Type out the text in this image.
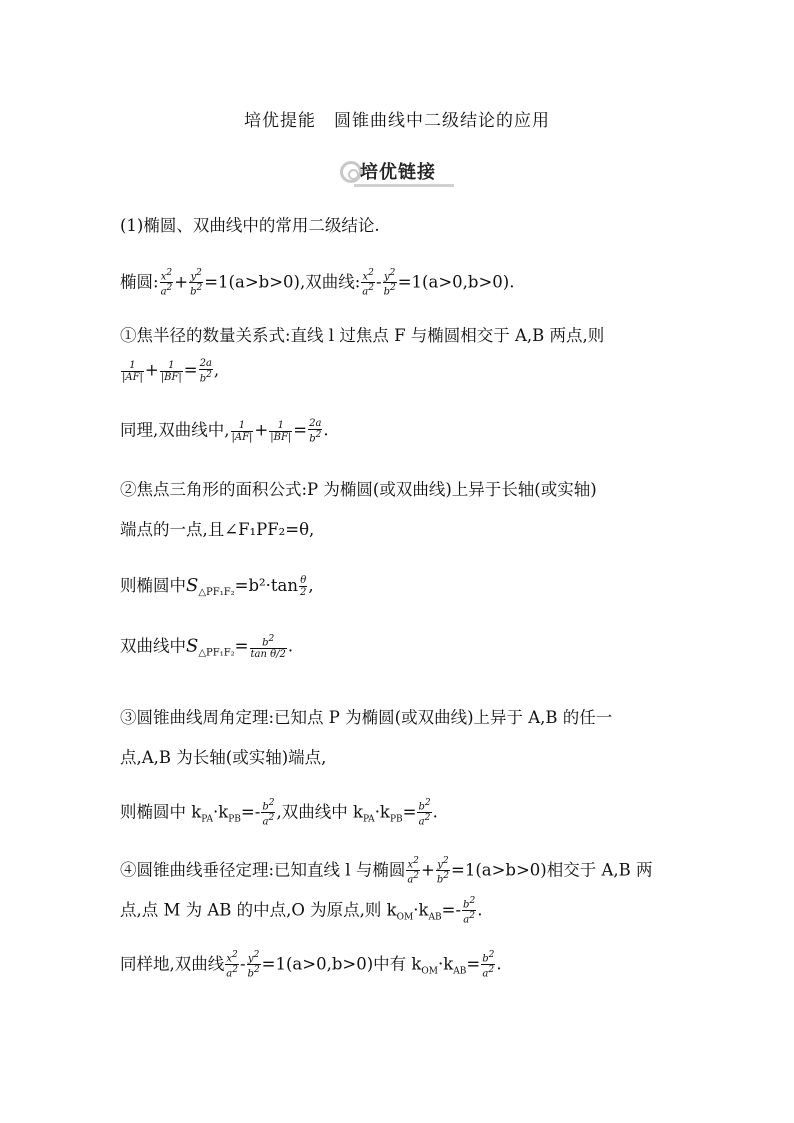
培优提能　圆锥曲线中二级结论的应用
培优链接
(1)椭圆、双曲线中的常用二级结论.
椭圆: $\frac{x^2}{a^2} + \frac{y^2}{b^2} =1(a>b>0)$,双曲线: $\frac{x^2}{a^2} - \frac{y^2}{b^2} =1(a>0,b>0)$.
①焦半径的数量关系式:直线 l 过焦点 F 与椭圆相交于 A,B 两点,则
$\frac{1}{|AF|} + \frac{1}{|BF|} = \frac{2a}{b^2}$ ,
同理,双曲线中, $\frac{1}{|AF|} + \frac{1}{|BF|} = \frac{2a}{b^2}$ .
②焦点三角形的面积公式:P 为椭圆(或双曲线)上异于长轴(或实轴)
端点的一点,且∠F₁PF₂=θ,
则椭圆中$S_{\triangle PF_1F_2}=b^2\cdot\tan \frac{\theta}{2}$ ,
双曲线中$S_{\triangle PF_1F_2}= \frac{b^2}{\text{tan θ/2}}$ .
③圆锥曲线周角定理:已知点 P 为椭圆(或双曲线)上异于 A,B 的任一
点,A,B 为长轴(或实轴)端点,
则椭圆中 $k_{PA}\cdot k_{PB}=- \frac{b^2}{a^2}$ ,双曲线中 $k_{PA}\cdot k_{PB}= \frac{b^2}{a^2}$ .
④圆锥曲线垂径定理:已知直线 l 与椭圆 $\frac{x^2}{a^2} + \frac{y^2}{b^2} =1(a>b>0)$相交于 A,B 两
点,点 M 为 AB 的中点,O 为原点,则 $k_{OM}\cdot k_{AB}=- \frac{b^2}{a^2}$ .
同样地,双曲线 $\frac{x^2}{a^2} - \frac{y^2}{b^2} =1(a>0,b>0)$中有 $k_{OM}\cdot k_{AB}= \frac{b^2}{a^2}$ .
